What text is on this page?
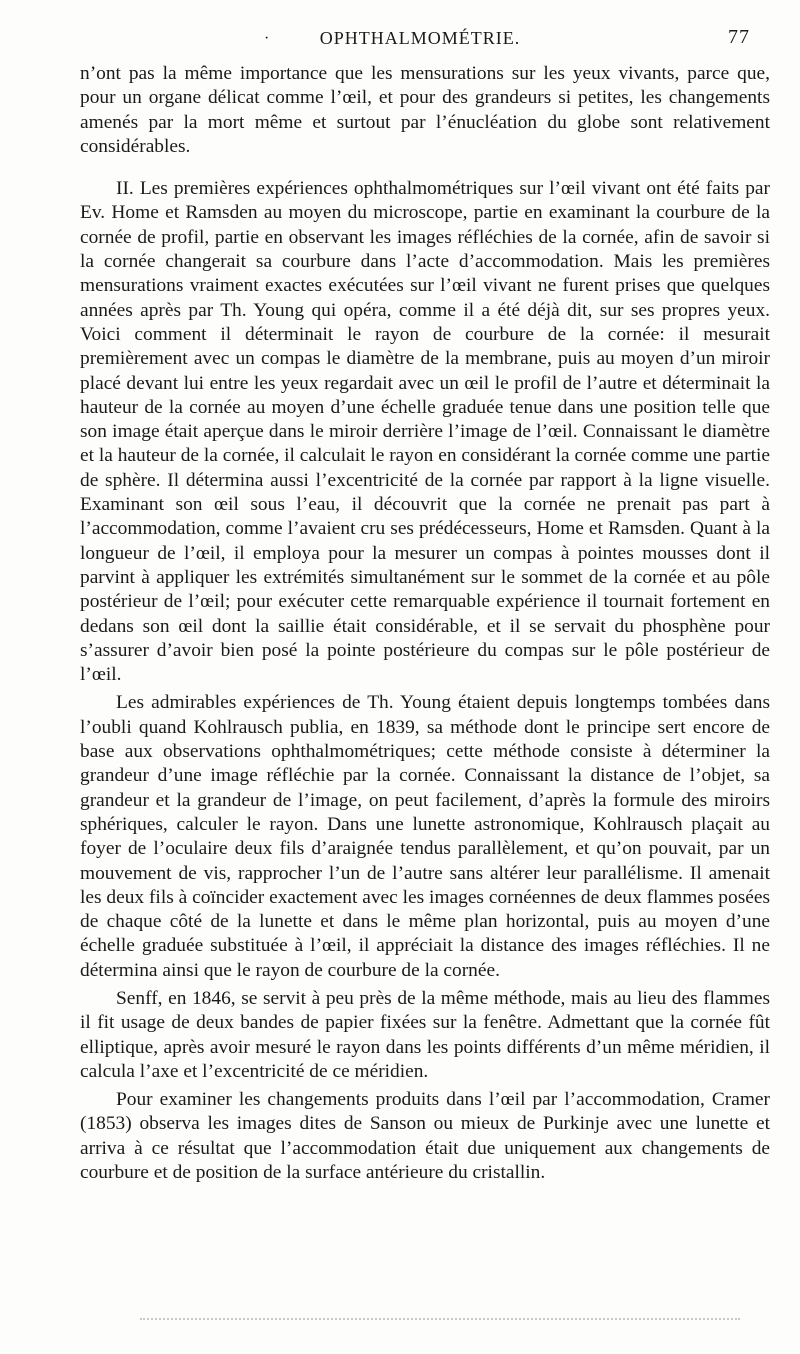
·	OPHTHALMOMÉTRIE.	77

n’ont pas la même importance que les mensurations sur les yeux vivants, parce que, pour un organe délicat comme l’œil, et pour des grandeurs si petites, les changements amenés par la mort même et surtout par l’énucléation du globe sont relativement considérables.

II. Les premières expériences ophthalmométriques sur l’œil vivant ont été faits par Ev. Home et Ramsden au moyen du microscope, partie en examinant la courbure de la cornée de profil, partie en observant les images réfléchies de la cornée, afin de savoir si la cornée changerait sa courbure dans l’acte d’accommodation. Mais les premières mensurations vraiment exactes exécutées sur l’œil vivant ne furent prises que quelques années après par Th. Young qui opéra, comme il a été déjà dit, sur ses propres yeux. Voici comment il déterminait le rayon de courbure de la cornée: il mesurait premièrement avec un compas le diamètre de la membrane, puis au moyen d’un miroir placé devant lui entre les yeux regardait avec un œil le profil de l’autre et déterminait la hauteur de la cornée au moyen d’une échelle graduée tenue dans une position telle que son image était aperçue dans le miroir derrière l’image de l’œil. Connaissant le diamètre et la hauteur de la cornée, il calculait le rayon en considérant la cornée comme une partie de sphère. Il détermina aussi l’excentricité de la cornée par rapport à la ligne visuelle. Examinant son œil sous l’eau, il découvrit que la cornée ne prenait pas part à l’accommodation, comme l’avaient cru ses prédécesseurs, Home et Ramsden. Quant à la longueur de l’œil, il employa pour la mesurer un compas à pointes mousses dont il parvint à appliquer les extrémités simultanément sur le sommet de la cornée et au pôle postérieur de l’œil; pour exécuter cette remarquable expérience il tournait fortement en dedans son œil dont la saillie était considérable, et il se servait du phosphène pour s’assurer d’avoir bien posé la pointe postérieure du compas sur le pôle postérieur de l’œil.

Les admirables expériences de Th. Young étaient depuis longtemps tombées dans l’oubli quand Kohlrausch publia, en 1839, sa méthode dont le principe sert encore de base aux observations ophthalmométriques; cette méthode consiste à déterminer la grandeur d’une image réfléchie par la cornée. Connaissant la distance de l’objet, sa grandeur et la grandeur de l’image, on peut facilement, d’après la formule des miroirs sphériques, calculer le rayon. Dans une lunette astronomique, Kohlrausch plaçait au foyer de l’oculaire deux fils d’araignée tendus parallèlement, et qu’on pouvait, par un mouvement de vis, rapprocher l’un de l’autre sans altérer leur parallélisme. Il amenait les deux fils à coïncider exactement avec les images cornéennes de deux flammes posées de chaque côté de la lunette et dans le même plan horizontal, puis au moyen d’une échelle graduée substituée à l’œil, il appréciait la distance des images réfléchies. Il ne détermina ainsi que le rayon de courbure de la cornée.

Senff, en 1846, se servit à peu près de la même méthode, mais au lieu des flammes il fit usage de deux bandes de papier fixées sur la fenêtre. Admettant que la cornée fût elliptique, après avoir mesuré le rayon dans les points différents d’un même méridien, il calcula l’axe et l’excentricité de ce méridien.

Pour examiner les changements produits dans l’œil par l’accommodation, Cramer (1853) observa les images dites de Sanson ou mieux de Purkinje avec une lunette et arriva à ce résultat que l’accommodation était due uniquement aux changements de courbure et de position de la surface antérieure du cristallin.
